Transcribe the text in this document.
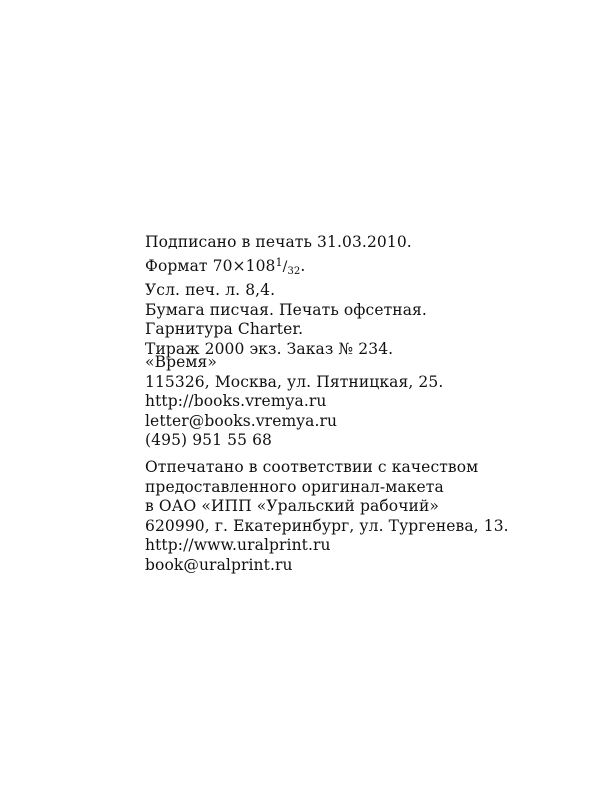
Подписано в печать 31.03.2010.
Формат 70×1081/32.
Усл. печ. л. 8,4.
Бумага писчая. Печать офсетная.
Гарнитура Charter.
Тираж 2000 экз. Заказ № 234.
«Время»
115326, Москва, ул. Пятницкая, 25.
http://books.vremya.ru
letter@books.vremya.ru
(495) 951 55 68
Отпечатано в соответствии с качеством
предоставленного оригинал-макета
в ОАО «ИПП «Уральский рабочий»
620990, г. Екатеринбург, ул. Тургенева, 13.
http://www.uralprint.ru
book@uralprint.ru
